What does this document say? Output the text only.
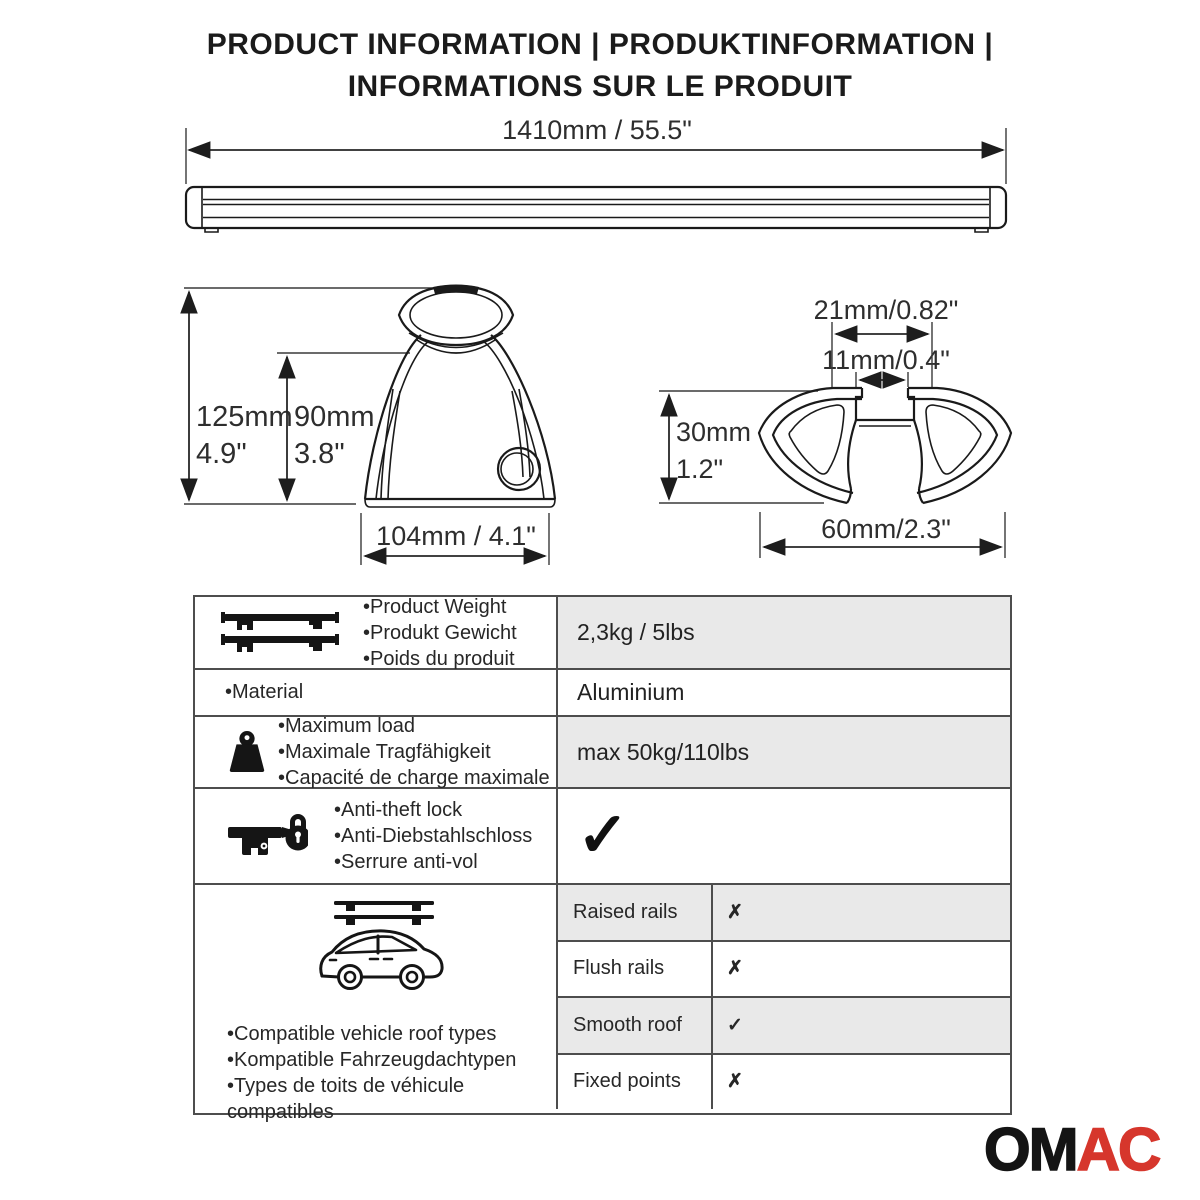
PRODUCT INFORMATION | PRODUKTINFORMATION |
INFORMATIONS SUR LE PRODUIT
1410mm / 55.5"
125mm
4.9"
90mm
3.8"
104mm / 4.1"
21mm/0.82"
11mm/0.4"
30mm
1.2"
60mm/2.3"
•Product Weight
•Produkt Gewicht
•Poids du produit
2,3kg / 5lbs
•Material	Aluminium
•Maximum load
•Maximale Tragfähigkeit
•Capacité de charge maximale
max 50kg/110lbs
•Anti-theft lock
•Anti-Diebstahlschloss
•Serrure anti-vol	✓
•Compatible vehicle roof types
•Kompatible Fahrzeugdachtypen
•Types de toits de véhicule compatibles
Raised rails	✗
Flush rails	✗
Smooth roof	✓
Fixed points	✗
OMAC
